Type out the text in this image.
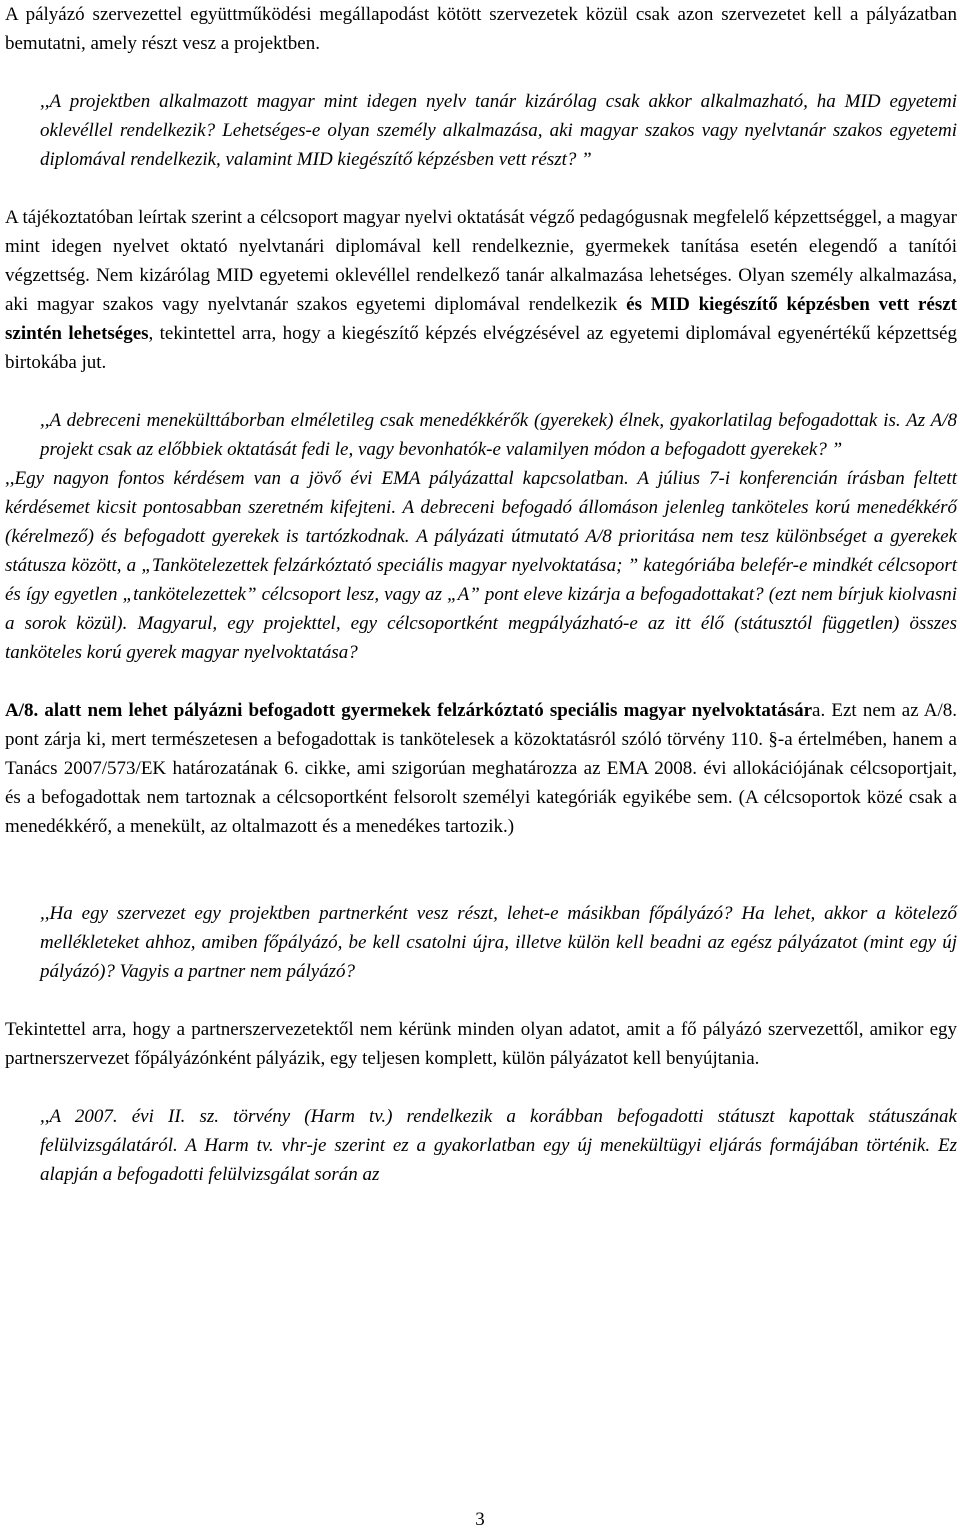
A pályázó szervezettel együttműködési megállapodást kötött szervezetek közül csak azon szervezetet kell a pályázatban bemutatni, amely részt vesz a projektben.

,,A projektben alkalmazott magyar mint idegen nyelv tanár kizárólag csak akkor alkalmazható, ha MID egyetemi oklevéllel rendelkezik? Lehetséges-e olyan személy alkalmazása, aki magyar szakos vagy nyelvtanár szakos egyetemi diplomával rendelkezik, valamint MID kiegészítő képzésben vett részt? ”

A tájékoztatóban leírtak szerint a célcsoport magyar nyelvi oktatását végző pedagógusnak megfelelő képzettséggel, a magyar mint idegen nyelvet oktató nyelvtanári diplomával kell rendelkeznie, gyermekek tanítása esetén elegendő a tanítói végzettség. Nem kizárólag MID egyetemi oklevéllel rendelkező tanár alkalmazása lehetséges. Olyan személy alkalmazása, aki magyar szakos vagy nyelvtanár szakos egyetemi diplomával rendelkezik és MID kiegészítő képzésben vett részt szintén lehetséges, tekintettel arra, hogy a kiegészítő képzés elvégzésével az egyetemi diplomával egyenértékű képzettség birtokába jut.

,,A debreceni menekülttáborban elméletileg csak menedékkérők (gyerekek) élnek, gyakorlatilag befogadottak is. Az A/8 projekt csak az előbbiek oktatását fedi le, vagy bevonhatók-e valamilyen módon a befogadott gyerekek? ”

,,Egy nagyon fontos kérdésem van a jövő évi EMA pályázattal kapcsolatban. A július 7-i konferencián írásban feltett kérdésemet kicsit pontosabban szeretném kifejteni. A debreceni befogadó állomáson jelenleg tanköteles korú menedékkérő (kérelmező) és befogadott gyerekek is tartózkodnak. A pályázati útmutató A/8 prioritása nem tesz különbséget a gyerekek státusza között, a „Tankötelezettek felzárkóztató speciális magyar nyelvoktatása; ” kategóriába belefér-e mindkét célcsoport és így egyetlen „tankötelezettek” célcsoport lesz, vagy az „A” pont eleve kizárja a befogadottakat? (ezt nem bírjuk kiolvasni a sorok közül). Magyarul, egy projekttel, egy célcsoportként megpályázható-e az itt élő (státusztól független) összes tanköteles korú gyerek magyar nyelvoktatása?

A/8. alatt nem lehet pályázni befogadott gyermekek felzárkóztató speciális magyar nyelvoktatására. Ezt nem az A/8. pont zárja ki, mert természetesen a befogadottak is tankötelesek a közoktatásról szóló törvény 110. §-a értelmében, hanem a Tanács 2007/573/EK határozatának 6. cikke, ami szigorúan meghatározza az EMA 2008. évi allokációjának célcsoportjait, és a befogadottak nem tartoznak a célcsoportként felsorolt személyi kategóriák egyikébe sem. (A célcsoportok közé csak a menedékkérő, a menekült, az oltalmazott és a menedékes tartozik.)

,,Ha egy szervezet egy projektben partnerként vesz részt, lehet-e másikban főpályázó? Ha lehet, akkor a kötelező mellékleteket ahhoz, amiben főpályázó, be kell csatolni újra, illetve külön kell beadni az egész pályázatot (mint egy új pályázó)? Vagyis a partner nem pályázó?

Tekintettel arra, hogy a partnerszervezetektől nem kérünk minden olyan adatot, amit a fő pályázó szervezettől, amikor egy partnerszervezet főpályázónként pályázik, egy teljesen komplett, külön pályázatot kell benyújtania.

,,A 2007. évi II. sz. törvény (Harm tv.) rendelkezik a korábban befogadotti státuszt kapottak státuszának felülvizsgálatáról. A Harm tv. vhr-je szerint ez a gyakorlatban egy új menekültügyi eljárás formájában történik. Ez alapján a befogadotti felülvizsgálat során az

3
